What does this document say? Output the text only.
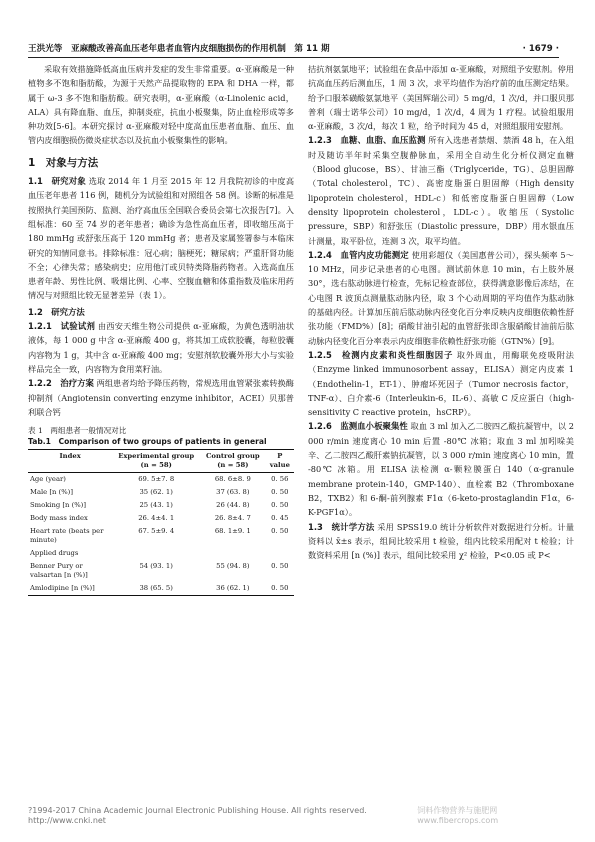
王洪光等　亚麻酸改善高血压老年患者血管内皮细胞损伤的作用机制　第 11 期	· 1679 ·

采取有效措施降低高血压病并发症的发生非常重要。α-亚麻酸是一种植物多不饱和脂肪酸，为源于天然产品提取物的 EPA 和 DHA 一样，都属于 ω-3 多不饱和脂肪酸。研究表明，α-亚麻酸（α-Linolenic acid，ALA）具有降血脂、血压，抑制炎症，抗血小板聚集，防止血栓形成等多种功效[5-6]。本研究探讨 α-亚麻酸对轻中度高血压患者血脂、血压、血管内皮细胞损伤微炎症状态以及抗血小板聚集性的影响。

1　对象与方法

1.1　研究对象 选取 2014 年 1 月至 2015 年 12 月我院初诊的中度高血压老年患者 116 例，随机分为试验组和对照组各 58 例。诊断的标准是按照执行美国预防、监测、治疗高血压全国联合委员会第七次报告[7]。入组标准：60 至 74 岁的老年患者；确诊为急性高血压者，即收缩压高于 180 mmHg 或舒张压高于 120 mmHg 者；患者及家属签署参与本临床研究的知情同意书。排除标准：冠心病；脑梗死；糖尿病；严重肝肾功能不全；心律失常；感染病史；应用他汀或贝特类降脂药物者。入选高血压患者年龄、男性比例、吸烟比例、心率、空腹血糖和体重指数及临床用药情况与对照组比较无显著差异（表 1）。

1.2　研究方法

1.2.1　试验试剂 由西安天维生物公司提供 α-亚麻酸，为黄色透明油状液体，每 1 000 g 中含 α-亚麻酸 400 g，将其加工成软胶囊，每粒胶囊内容物为 1 g，其中含 α-亚麻酸 400 mg；安慰剂软胶囊外形大小与实验样品完全一致，内容物为食用菜籽油。

1.2.2　治疗方案 两组患者均给予降压药物，常规选用血管紧张素转换酶抑制剂（Angiotensin converting enzyme inhibitor，ACEI）贝那普利联合钙

表 1　两组患者一般情况对比
Tab.1　Comparison of two groups of patients in general
Index	Experimental group (n = 58)	Control group (n = 58)	P value
Age (year)	69. 5±7. 8	68. 6±8. 9	0. 56
Male [n (%)]	35 (62. 1)	37 (63. 8)	0. 50
Smoking [n (%)]	25 (43. 1)	26 (44. 8)	0. 50
Body mass index	26. 4±4. 1	26. 8±4. 7	0. 45
Heart rate (beats per minute)	67. 5±9. 4	68. 1±9. 1	0. 50
Applied drugs			
Benner Pury or valsartan [n (%)]	54 (93. 1)	55 (94. 8)	0. 50
Amlodipine [n (%)]	38 (65. 5)	36 (62. 1)	0. 50

拮抗剂氨氯地平；试验组在食品中添加 α-亚麻酸，对照组予安慰剂。停用抗高血压药后测血压，1 周 3 次，求平均值作为治疗前的血压测定结果。给予口服苯磺酸氨氯地平（美国辉瑞公司）5 mg/d，1 次/d，并口服贝那普利（瑞士诺华公司）10 mg/d，1 次/d，4 周为 1 疗程。试验组服用 α-亚麻酸，3 次/d，每次 1 粒，给予时间为 45 d，对照组服用安慰剂。

1.2.3　血糖、血脂、血压监测 所有入选患者禁烟、禁酒 48 h，在入组时及随访半年时采集空腹静脉血，采用全自动生化分析仪测定血糖（Blood glucose，BS）、甘油三酯（Triglyceride，TG）、总胆固醇（Total cholesterol，TC）、高密度脂蛋白胆固醇（High density lipoprotein cholesterol，HDL-c）和低密度脂蛋白胆固醇（Low density lipoprotein cholesterol，LDL-c）。收缩压（Systolic pressure，SBP）和舒张压（Diastolic pressure，DBP）用水银血压计测量，取平卧位，连测 3 次，取平均值。

1.2.4　血管内皮功能测定 使用彩超仪（美国惠普公司），探头频率 5～10 MHz，同步记录患者的心电图。测试前休息 10 min，右上肢外展 30°，选右肱动脉进行检查，先标记检查部位，获得满意影像后冻结，在心电图 R 波顶点测量肱动脉内径，取 3 个心动周期的平均值作为肱动脉的基础内径。计算加压前后肱动脉内径变化百分率反映内皮细胞依赖性舒张功能（FMD%）[8]；硝酸甘油引起的血管舒张即含服硝酸甘油前后肱动脉内径变化百分率表示内皮细胞非依赖性舒张功能（GTN%）[9]。

1.2.5　检测内皮素和炎性细胞因子 取外周血，用酶联免疫吸附法（Enzyme linked immunosorbent assay，ELISA）测定内皮素 1（Endothelin-1，ET-1）、肿瘤坏死因子（Tumor necrosis factor，TNF-α）、白介素-6（Interleukin-6，IL-6）、高敏 C 反应蛋白（high-sensitivity C reactive protein，hsCRP）。

1.2.6　监测血小板聚集性 取血 3 ml 加入乙二胺四乙酸抗凝管中，以 2 000 r/min 速度离心 10 min 后置 -80℃ 冰箱；取血 3 ml 加吲哚美辛、乙二胺四乙酸肝素钠抗凝管，以 3 000 r/min 速度离心 10 min，置 -80℃ 冰箱。用 ELISA 法检测 α-颗粒膜蛋白 140（α-granule membrane protein-140，GMP-140）、血栓素 B2（Thromboxane B2，TXB2）和 6-酮-前列腺素 F1α（6-keto-prostaglandin F1α，6-K-PGF1α）。

1.3　统计学方法 采用 SPSS19.0 统计分析软件对数据进行分析。计量资料以 x̄±s 表示，组间比较采用 t 检验，组内比较采用配对 t 检验；计数资料采用 [n (%)] 表示，组间比较采用 χ² 检验，P<0.05 或 P<

?1994-2017 China Academic Journal Electronic Publishing House. All rights reserved.　http://www.cnki.net
饲料作物营养与施肥网 www.fibercrops.com
